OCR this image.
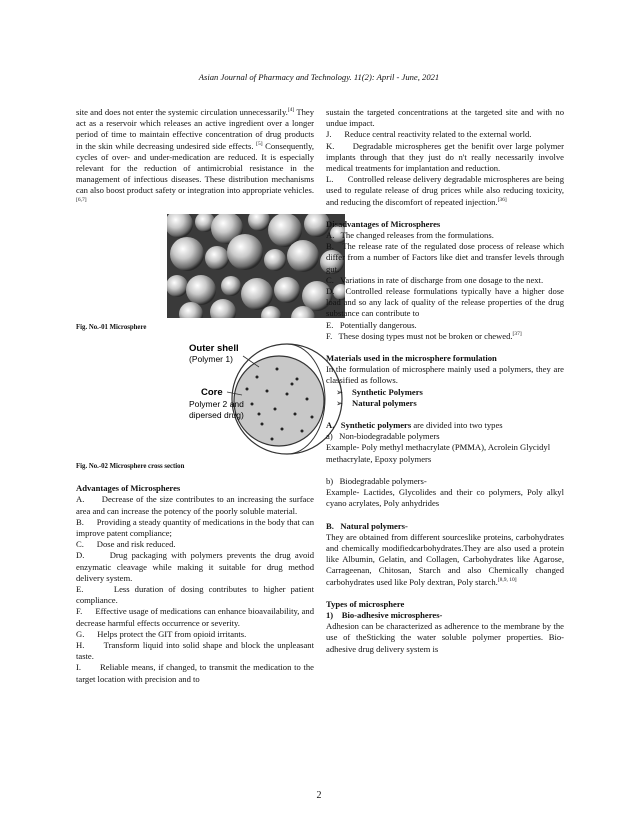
Asian Journal of Pharmacy and Technology. 11(2): April - June, 2021

site and does not enter the systemic circulation unnecessarily.[4] They act as a reservoir which releases an active ingredient over a longer period of time to maintain effective concentration of drug products in the skin while decreasing undesired side effects. [5] Consequently, cycles of over- and under-medication are reduced. It is especially relevant for the reduction of antimicrobial resistance in the management of infectious diseases. These distribution mechanisms can also boost product safety or integration into appropriate vehicles.[6,7]

Fig. No.-01 Microsphere
Outer shell
(Polymer 1)
Core
Polymer 2 and
dipersed drug)
Fig. No.-02 Microsphere cross section

Advantages of Microspheres

A.      Decrease of the size contributes to an increasing the surface area and can increase the potency of the poorly soluble material.

B.      Providing a steady quantity of medications in the body that can improve patent compliance;

C.      Dose and risk reduced.

D.      Drug packaging with polymers prevents the drug avoid enzymatic cleavage while making it suitable for drug method delivery system.

E.      Less duration of dosing contributes to higher patient compliance.

F.      Effective usage of medications can enhance bioavailability, and decrease harmful effects occurrence or severity.

G.      Helps protect the GIT from opioid irritants.

H.      Transform liquid into solid shape and block the unpleasant taste.

I.       Reliable means, if changed, to transmit the medication to the target location with precision and to

sustain the targeted concentrations at the targeted site and with no undue impact.

J.      Reduce central reactivity related to the external world.

K.      Degradable microspheres get the benifit over large polymer implants through that they just do n't really necessarily involve medical treatments for implantation and reduction.

L.      Controlled release delivery degradable microspheres are being used to regulate release of drug prices while also reducing toxicity, and reducing the discomfort of repeated injection.[36]

Disadvantages of Microspheres

A.   The changed releases from the formulations.

B.   The release rate of the regulated dose process of release which differ from a number of Factors like diet and transfer levels through gut.

C.   Variations in rate of discharge from one dosage to the next.

D.   Controlled release formulations typically have a higher dose load and so any lack of quality of the release properties of the drug substance can contribute to

E.   Potentially dangerous.

F.   These dosing types must not be broken or chewed.[37]

Materials used in the microsphere formulation

In the formulation of microsphere mainly used a polymers, they are classified as follows.

➢ Synthetic Polymers

➢ Natural polymers

A.   Synthetic polymers are divided into two types

a)   Non-biodegradable polymers

Example- Poly methyl methacrylate (PMMA), Acrolein Glycidyl methacrylate, Epoxy polymers

b)   Biodegradable polymers-

Example- Lactides, Glycolides and their co polymers, Poly alkyl cyano acrylates, Poly anhydrides

B.   Natural polymers-

They are obtained from different sourceslike proteins, carbohydrates and chemically modifiedcarbohydrates.They are also used a protein like Albumin, Gelatin, and Collagen, Carbohydrates like Agarose, Carrageenan, Chitosan, Starch and also Chemically changed carbohydrates used like Poly dextran, Poly starch.[8,9, 10]

Types of microsphere

1)    Bio-adhesive microspheres-

Adhesion can be characterized as adherence to the membrane by the use of theSticking the water soluble polymer properties. Bio-adhesive drug delivery system is

2
